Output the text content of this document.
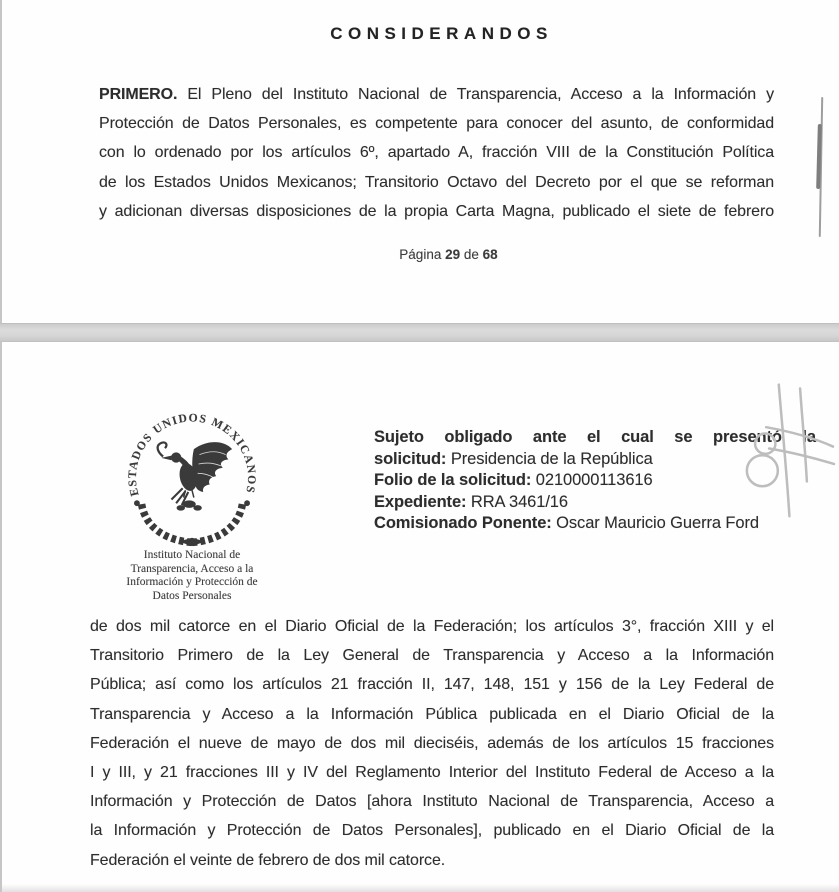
CONSIDERANDOS
PRIMERO. El Pleno del Instituto Nacional de Transparencia, Acceso a la Información y
Protección de Datos Personales, es competente para conocer del asunto, de conformidad
con lo ordenado por los artículos 6º, apartado A, fracción VIII de la Constitución Política
de los Estados Unidos Mexicanos; Transitorio Octavo del Decreto por el que se reforman
y adicionan diversas disposiciones de la propia Carta Magna, publicado el siete de febrero
Página 29 de 68
ESTADOS UNIDOS MEXICANOS
Instituto Nacional de
Transparencia, Acceso a la
Información y Protección de
Datos Personales
Sujeto obligado ante el cual se presentó la
solicitud: Presidencia de la República
Folio de la solicitud: 0210000113616
Expediente: RRA 3461/16
Comisionado Ponente: Oscar Mauricio Guerra Ford
de dos mil catorce en el Diario Oficial de la Federación; los artículos 3°, fracción XIII y el
Transitorio Primero de la Ley General de Transparencia y Acceso a la Información
Pública; así como los artículos 21 fracción II, 147, 148, 151 y 156 de la Ley Federal de
Transparencia y Acceso a la Información Pública publicada en el Diario Oficial de la
Federación el nueve de mayo de dos mil dieciséis, además de los artículos 15 fracciones
I y III, y 21 fracciones III y IV del Reglamento Interior del Instituto Federal de Acceso a la
Información y Protección de Datos [ahora Instituto Nacional de Transparencia, Acceso a
la Información y Protección de Datos Personales], publicado en el Diario Oficial de la
Federación el veinte de febrero de dos mil catorce.
